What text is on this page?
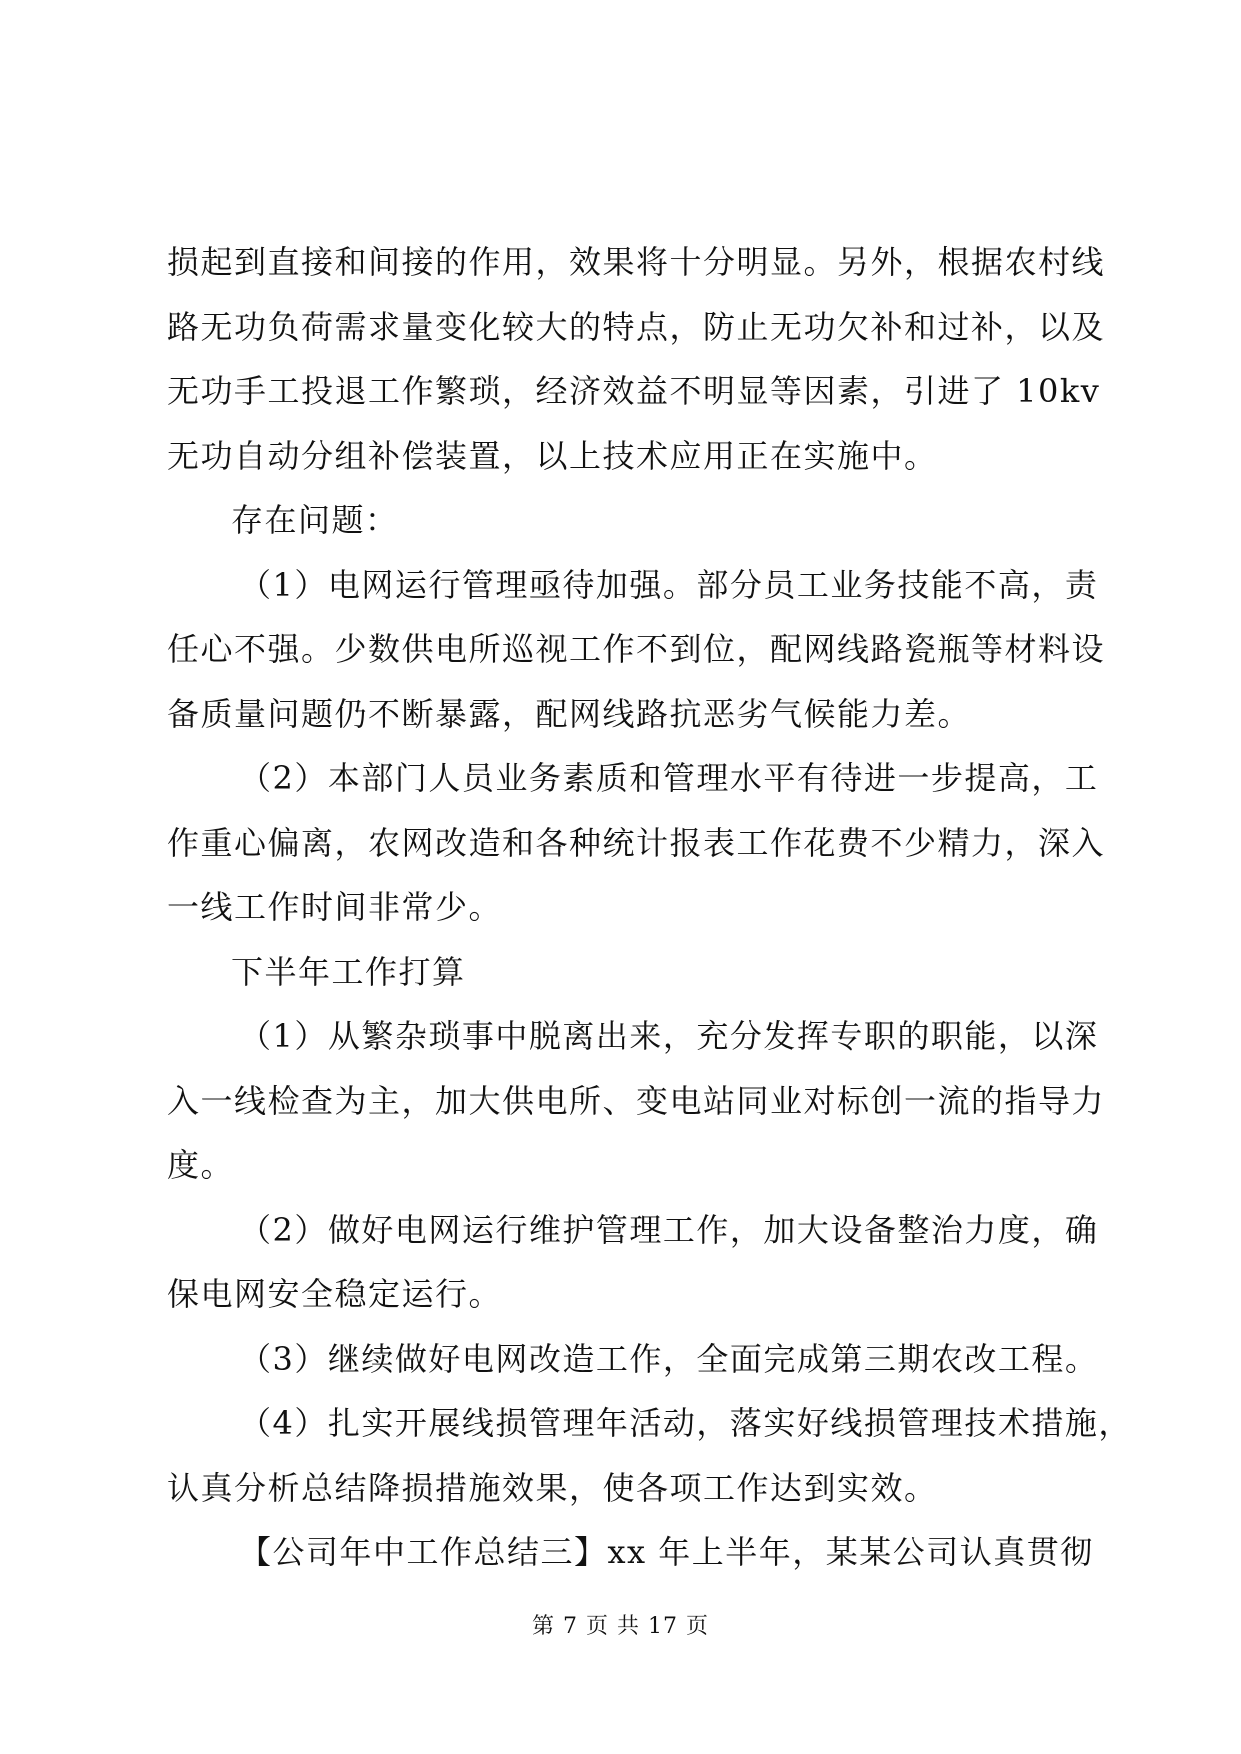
损起到直接和间接的作用，效果将十分明显。另外，根据农村线
路无功负荷需求量变化较大的特点，防止无功欠补和过补，以及
无功手工投退工作繁琐，经济效益不明显等因素，引进了 10kv
无功自动分组补偿装置，以上技术应用正在实施中。
存在问题：
（1）电网运行管理亟待加强。部分员工业务技能不高，责
任心不强。少数供电所巡视工作不到位，配网线路瓷瓶等材料设
备质量问题仍不断暴露，配网线路抗恶劣气候能力差。
（2）本部门人员业务素质和管理水平有待进一步提高，工
作重心偏离，农网改造和各种统计报表工作花费不少精力，深入
一线工作时间非常少。
下半年工作打算
（1）从繁杂琐事中脱离出来，充分发挥专职的职能，以深
入一线检查为主，加大供电所、变电站同业对标创一流的指导力
度。
（2）做好电网运行维护管理工作，加大设备整治力度，确
保电网安全稳定运行。
（3）继续做好电网改造工作，全面完成第三期农改工程。
（4）扎实开展线损管理年活动，落实好线损管理技术措施，
认真分析总结降损措施效果，使各项工作达到实效。
【公司年中工作总结三】xx 年上半年，某某公司认真贯彻
第 7 页 共 17 页
